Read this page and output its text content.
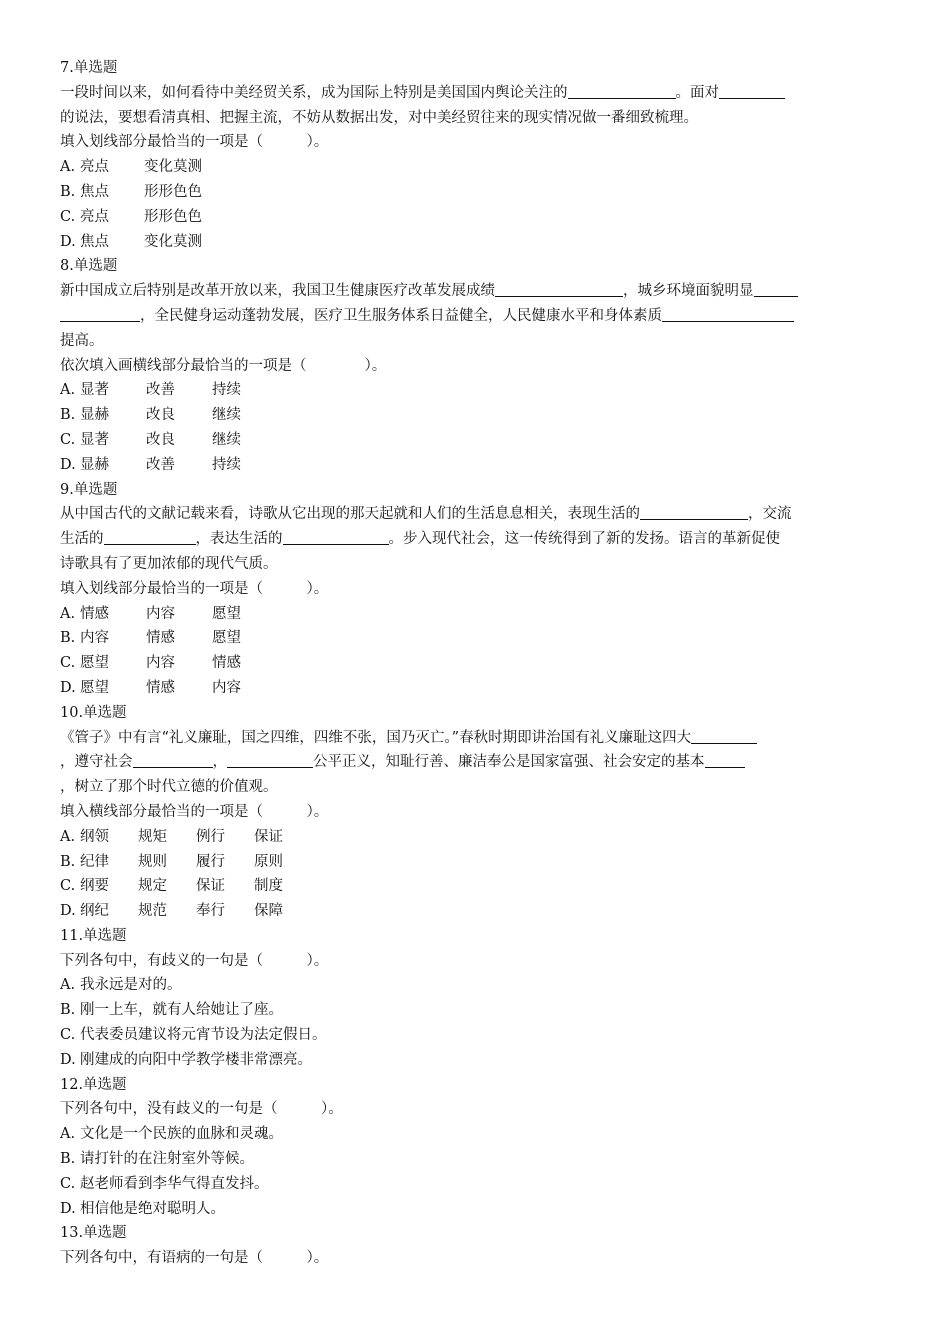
7.单选题
一段时间以来，如何看待中美经贸关系，成为国际上特别是美国国内舆论关注的	。面对
的说法，要想看清真相、把握主流，不妨从数据出发，对中美经贸往来的现实情况做一番细致梳理。
填入划线部分最恰当的一项是（　　　）。
A. 亮点	变化莫测
B. 焦点	形形色色
C. 亮点	形形色色
D. 焦点	变化莫测
8.单选题
新中国成立后特别是改革开放以来，我国卫生健康医疗改革发展成绩	，城乡环境面貌明显
，全民健身运动蓬勃发展，医疗卫生服务体系日益健全，人民健康水平和身体素质
提高。
依次填入画横线部分最恰当的一项是（　　　　）。
A. 显著	改善	持续
B. 显赫	改良	继续
C. 显著	改良	继续
D. 显赫	改善	持续
9.单选题
从中国古代的文献记载来看，诗歌从它出现的那天起就和人们的生活息息相关，表现生活的	，交流
生活的	，表达生活的	。步入现代社会，这一传统得到了新的发扬。语言的革新促使
诗歌具有了更加浓郁的现代气质。
填入划线部分最恰当的一项是（　　　）。
A. 情感	内容	愿望
B. 内容	情感	愿望
C. 愿望	内容	情感
D. 愿望	情感	内容
10.单选题
《管子》中有言“礼义廉耻，国之四维，四维不张，国乃灭亡。”春秋时期即讲治国有礼义廉耻这四大
，遵守社会	，	公平正义，知耻行善、廉洁奉公是国家富强、社会安定的基本
，树立了那个时代立德的价值观。
填入横线部分最恰当的一项是（　　　）。
A. 纲领	规矩	例行	保证
B. 纪律	规则	履行	原则
C. 纲要	规定	保证	制度
D. 纲纪	规范	奉行	保障
11.单选题
下列各句中，有歧义的一句是（　　　）。
A. 我永远是对的。
B. 刚一上车，就有人给她让了座。
C. 代表委员建议将元宵节设为法定假日。
D. 刚建成的向阳中学教学楼非常漂亮。
12.单选题
下列各句中，没有歧义的一句是（　　　）。
A. 文化是一个民族的血脉和灵魂。
B. 请打针的在注射室外等候。
C. 赵老师看到李华气得直发抖。
D. 相信他是绝对聪明人。
13.单选题
下列各句中，有语病的一句是（　　　）。
